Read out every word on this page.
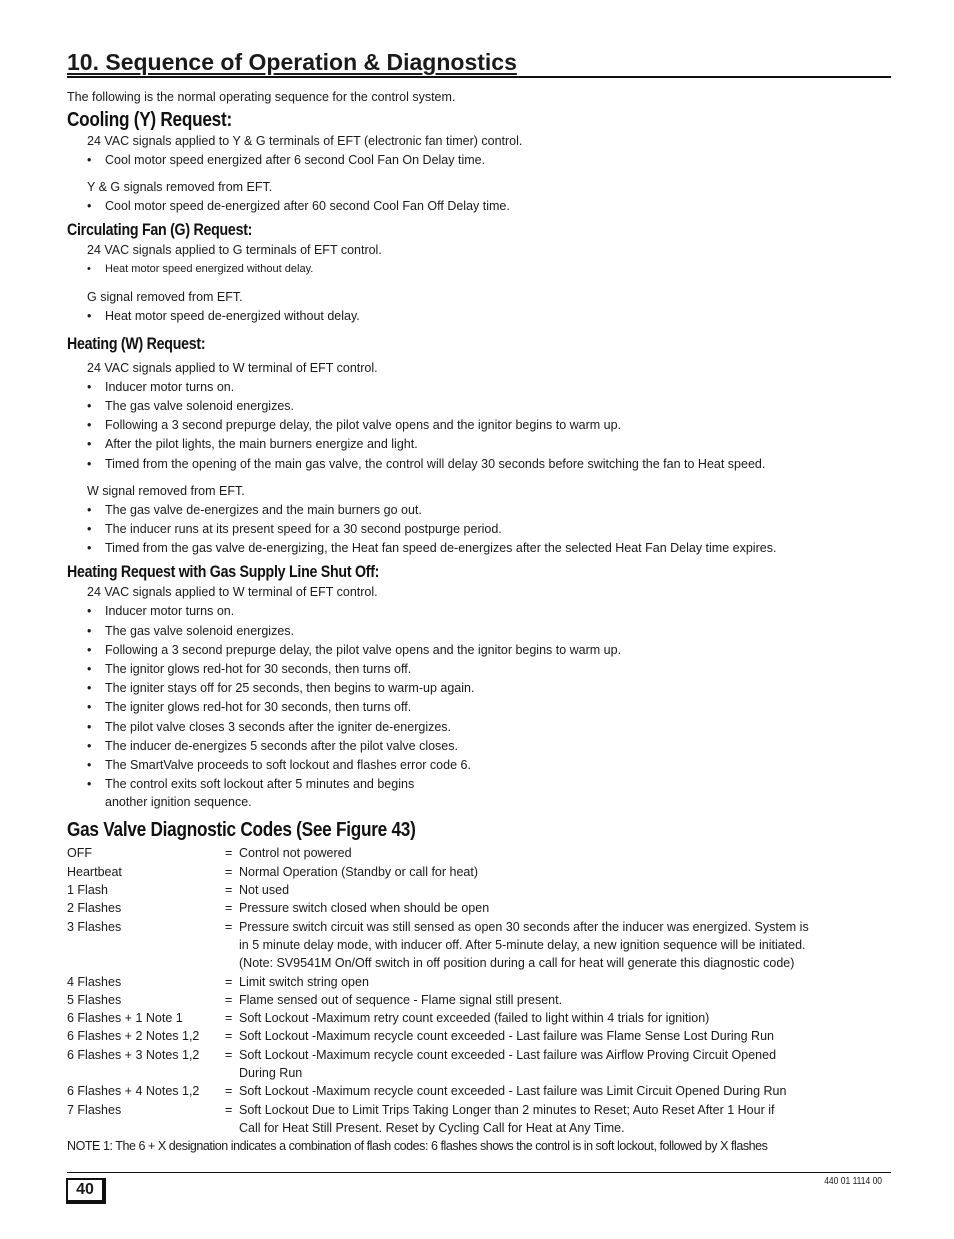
10. Sequence of Operation & Diagnostics

The following is the normal operating sequence for the control system.

Cooling (Y) Request:

24 VAC signals applied to Y & G terminals of EFT (electronic fan timer) control.

• Cool motor speed energized after 6 second Cool Fan On Delay time.

Y & G signals removed from EFT.

• Cool motor speed de-energized after 60 second Cool Fan Off Delay time.
Circulating Fan (G) Request:

24 VAC signals applied to G terminals of EFT control.

• Heat motor speed energized without delay.

G signal removed from EFT.

• Heat motor speed de-energized without delay.
Heating (W) Request:

24 VAC signals applied to W terminal of EFT control.

• Inducer motor turns on.
• The gas valve solenoid energizes.
• Following a 3 second prepurge delay, the pilot valve opens and the ignitor begins to warm up.
• After the pilot lights, the main burners energize and light.
• Timed from the opening of the main gas valve, the control will delay 30 seconds before switching the fan to Heat speed.

W signal removed from EFT.

• The gas valve de-energizes and the main burners go out.
• The inducer runs at its present speed for a 30 second postpurge period.
• Timed from the gas valve de-energizing, the Heat fan speed de-energizes after the selected Heat Fan Delay time expires.
Heating Request with Gas Supply Line Shut Off:

24 VAC signals applied to W terminal of EFT control.

• Inducer motor turns on.
• The gas valve solenoid energizes.
• Following a 3 second prepurge delay, the pilot valve opens and the ignitor begins to warm up.
• The ignitor glows red-hot for 30 seconds, then turns off.
• The igniter stays off for 25 seconds, then begins to warm-up again.
• The igniter glows red-hot for 30 seconds, then turns off.
• The pilot valve closes 3 seconds after the igniter de-energizes.
• The inducer de-energizes 5 seconds after the pilot valve closes.
• The SmartValve proceeds to soft lockout and flashes error code 6.
• The control exits soft lockout after 5 minutes and begins

another ignition sequence.

Gas Valve Diagnostic Codes (See Figure 43)
OFF	= Control not powered
Heartbeat	= Normal Operation (Standby or call for heat)
1 Flash	= Not used
2 Flashes	= Pressure switch closed when should be open
3 Flashes	= Pressure switch circuit was still sensed as open 30 seconds after the inducer was energized. System is
in 5 minute delay mode, with inducer off. After 5-minute delay, a new ignition sequence will be initiated.
(Note: SV9541M On/Off switch in off position during a call for heat will generate this diagnostic code)
4 Flashes	= Limit switch string open
5 Flashes	= Flame sensed out of sequence - Flame signal still present.
6 Flashes + 1 Note 1	= Soft Lockout -Maximum retry count exceeded (failed to light within 4 trials for ignition)
6 Flashes + 2 Notes 1,2	= Soft Lockout -Maximum recycle count exceeded - Last failure was Flame Sense Lost During Run
6 Flashes + 3 Notes 1,2	= Soft Lockout -Maximum recycle count exceeded - Last failure was Airflow Proving Circuit Opened
During Run
6 Flashes + 4 Notes 1,2	= Soft Lockout -Maximum recycle count exceeded - Last failure was Limit Circuit Opened During Run
7 Flashes	= Soft Lockout Due to Limit Trips Taking Longer than 2 minutes to Reset; Auto Reset After 1 Hour if
Call for Heat Still Present. Reset by Cycling Call for Heat at Any Time.
NOTE 1: The 6 + X designation indicates a combination of flash codes: 6 flashes shows the control is in soft lockout, followed by X flashes
40	440 01 1114 00
